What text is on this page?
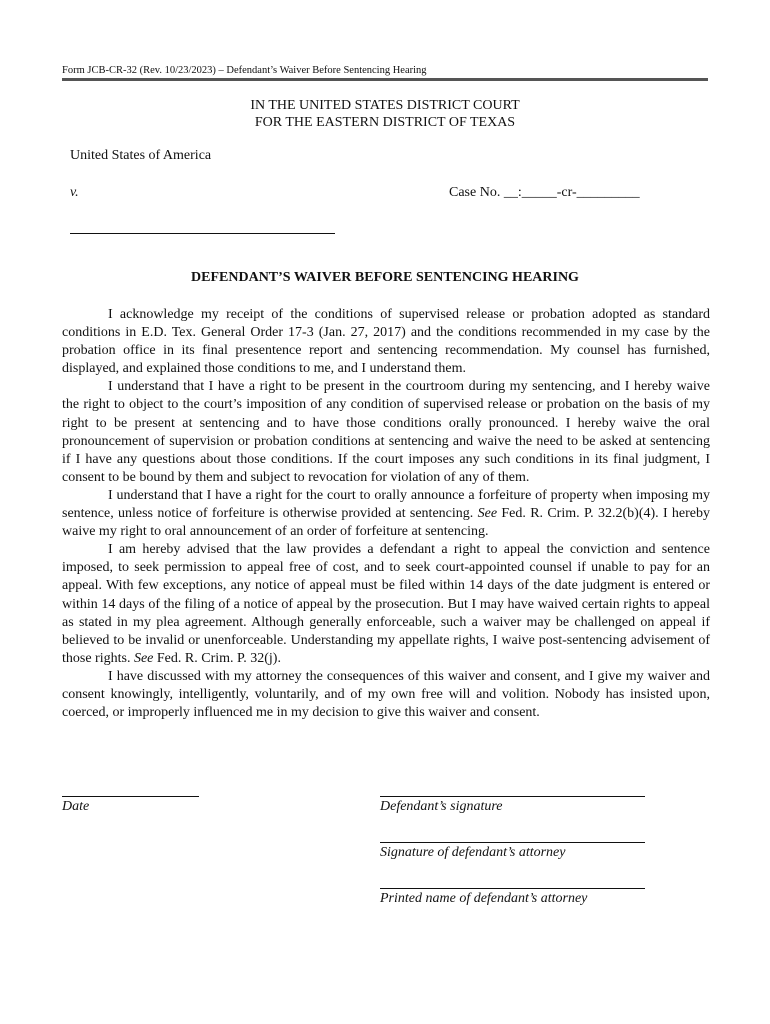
Form JCB-CR-32 (Rev. 10/23/2023) – Defendant’s Waiver Before Sentencing Hearing
IN THE UNITED STATES DISTRICT COURT
FOR THE EASTERN DISTRICT OF TEXAS
United States of America
v.	Case No. __:_____-cr-_________
DEFENDANT’S WAIVER BEFORE SENTENCING HEARING

I acknowledge my receipt of the conditions of supervised release or probation adopted as standard conditions in E.D. Tex. General Order 17-3 (Jan. 27, 2017) and the conditions recommended in my case by the probation office in its final presentence report and sentencing recommendation. My counsel has furnished, displayed, and explained those conditions to me, and I understand them.

I understand that I have a right to be present in the courtroom during my sentencing, and I hereby waive the right to object to the court’s imposition of any condition of supervised release or probation on the basis of my right to be present at sentencing and to have those conditions orally pronounced. I hereby waive the oral pronouncement of supervision or probation conditions at sentencing and waive the need to be asked at sentencing if I have any questions about those conditions. If the court imposes any such conditions in its final judgment, I consent to be bound by them and subject to revocation for violation of any of them.

I understand that I have a right for the court to orally announce a forfeiture of property when imposing my sentence, unless notice of forfeiture is otherwise provided at sentencing. See Fed. R. Crim. P. 32.2(b)(4). I hereby waive my right to oral announcement of an order of forfeiture at sentencing.

I am hereby advised that the law provides a defendant a right to appeal the conviction and sentence imposed, to seek permission to appeal free of cost, and to seek court-appointed counsel if unable to pay for an appeal. With few exceptions, any notice of appeal must be filed within 14 days of the date judgment is entered or within 14 days of the filing of a notice of appeal by the prosecution. But I may have waived certain rights to appeal as stated in my plea agreement. Although generally enforceable, such a waiver may be challenged on appeal if believed to be invalid or unenforceable. Understanding my appellate rights, I waive post-sentencing advisement of those rights. See Fed. R. Crim. P. 32(j).

I have discussed with my attorney the consequences of this waiver and consent, and I give my waiver and consent knowingly, intelligently, voluntarily, and of my own free will and volition. Nobody has insisted upon, coerced, or improperly influenced me in my decision to give this waiver and consent.

Date	Defendant’s signature
Signature of defendant’s attorney
Printed name of defendant’s attorney
